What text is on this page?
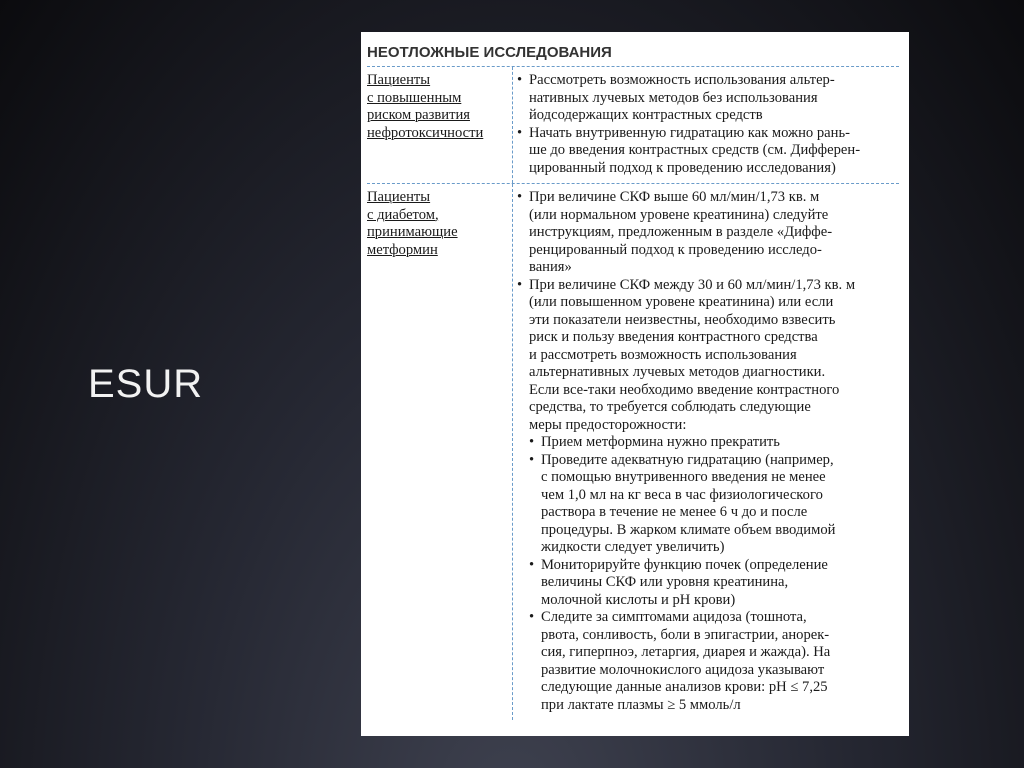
ESUR
НЕОТЛОЖНЫЕ ИССЛЕДОВАНИЯ
Пациенты
с повышенным
риском развития
нефротоксичности
• Рассмотреть возможность использования альтер-
нативных лучевых методов без использования
йодсодержащих контрастных средств
• Начать внутривенную гидратацию как можно рань-
ше до введения контрастных средств (см. Дифферен-
цированный подход к проведению исследования)
Пациенты
с диабетом,
принимающие
метформин
• При величине СКФ выше 60 мл/мин/1,73 кв. м
(или нормальном уровене креатинина) следуйте
инструкциям, предложенным в разделе «Диффе-
ренцированный подход к проведению исследо-
вания»
• При величине СКФ между 30 и 60 мл/мин/1,73 кв. м
(или повышенном уровене креатинина) или если
эти показатели неизвестны, необходимо взвесить
риск и пользу введения контрастного средства
и рассмотреть возможность использования
альтернативных лучевых методов диагностики.
Если все-таки необходимо введение контрастного
средства, то требуется соблюдать следующие
меры предосторожности:
• Прием метформина нужно прекратить
• Проведите адекватную гидратацию (например,
с помощью внутривенного введения не менее
чем 1,0 мл на кг веса в час физиологического
раствора в течение не менее 6 ч до и после
процедуры. В жарком климате объем вводимой
жидкости следует увеличить)
• Мониторируйте функцию почек (определение
величины СКФ или уровня креатинина,
молочной кислоты и pH крови)
• Следите за симптомами ацидоза (тошнота,
рвота, сонливость, боли в эпигастрии, анорек-
сия, гиперпноэ, летаргия, диарея и жажда). На
развитие молочнокислого ацидоза указывают
следующие данные анализов крови: pH ≤ 7,25
при лактате плазмы ≥ 5 ммоль/л
